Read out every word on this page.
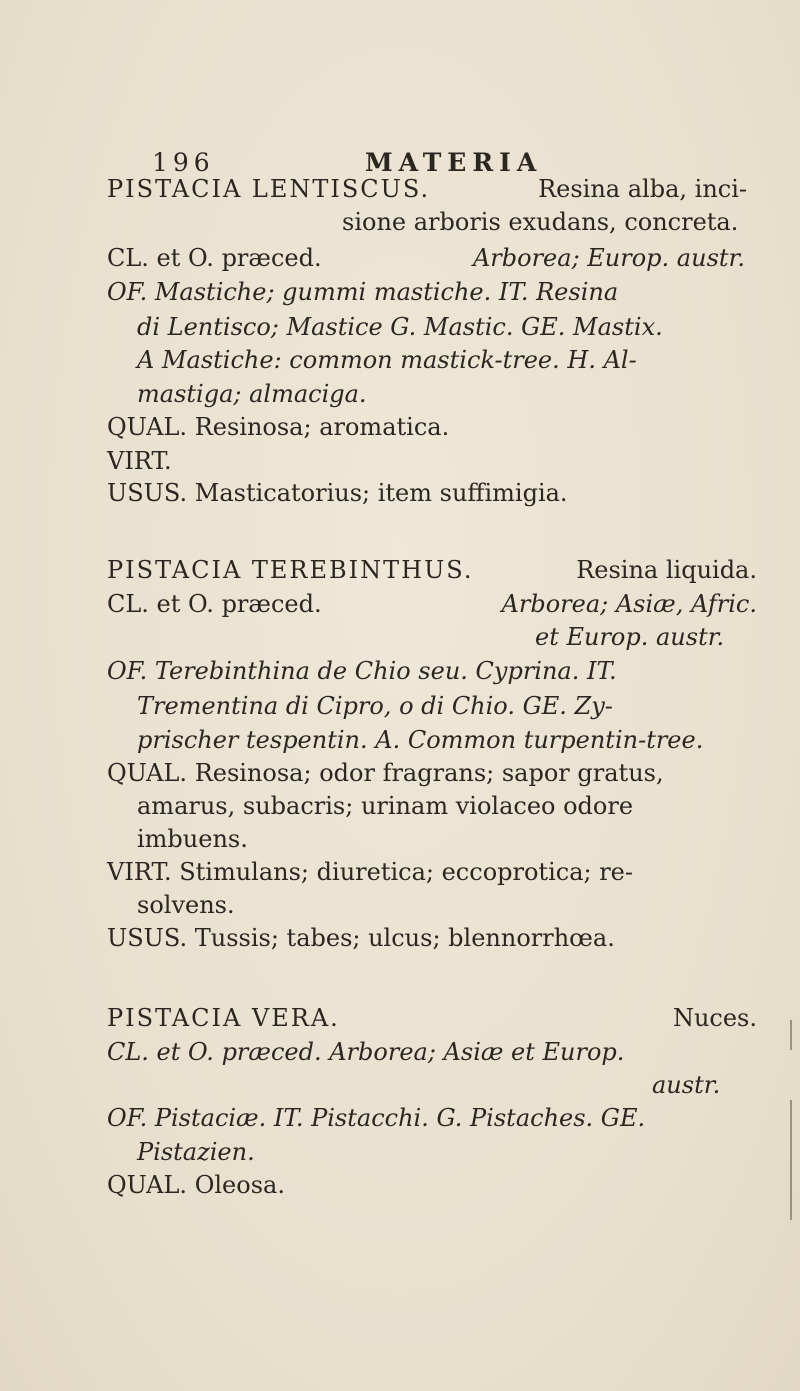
196	MATERIA
PISTACIA LENTISCUS.	Resina alba, inci-
sione arboris exudans, concreta.
CL. et O. præced.	Arborea; Europ. austr.
OF. Mastiche; gummi mastiche. IT. Resina
di Lentisco; Mastice G. Mastic. GE. Mastix.
A Mastiche: common mastick-tree. H. Al-
mastiga; almaciga.
QUAL. Resinosa; aromatica.
VIRT.
USUS. Masticatorius; item suffimigia.
PISTACIA TEREBINTHUS.	Resina liquida.
CL. et O. præced.	Arborea; Asiæ, Afric.
et Europ. austr.
OF. Terebinthina de Chio seu. Cyprina. IT.
Trementina di Cipro, o di Chio. GE. Zy-
prischer tespentin. A. Common turpentin-tree.
QUAL. Resinosa; odor fragrans; sapor gratus,
amarus, subacris; urinam violaceo odore
imbuens.
VIRT. Stimulans; diuretica; eccoprotica; re-
solvens.
USUS. Tussis; tabes; ulcus; blennorrhœa.
PISTACIA VERA.	Nuces.
CL. et O. præced. Arborea; Asiæ et Europ.
austr.
OF. Pistaciæ. IT. Pistacchi. G. Pistaches. GE.
Pistazien.
QUAL. Oleosa.
